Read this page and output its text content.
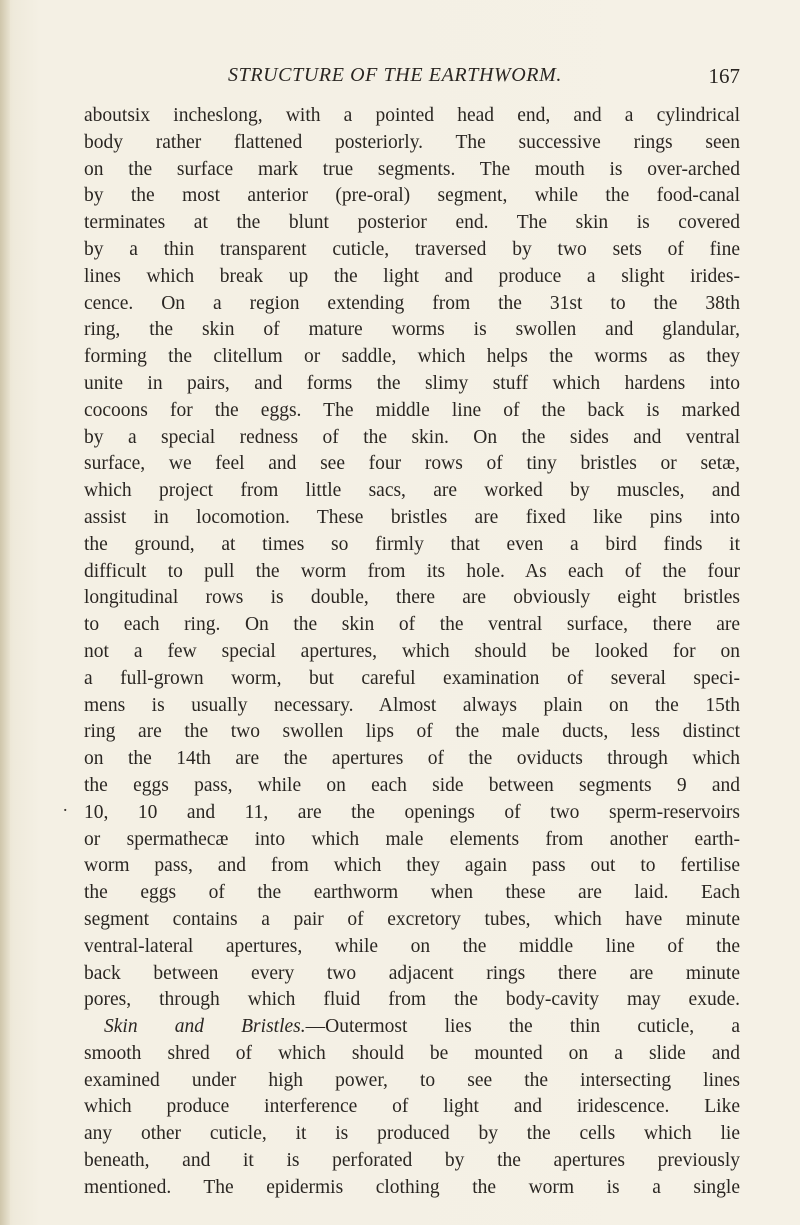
STRUCTURE OF THE EARTHWORM.	167
.
aboutsix incheslong, with a pointed head end, and a cylindrical
body rather flattened posteriorly. The successive rings seen
on the surface mark true segments. The mouth is over-arched
by the most anterior (pre-oral) segment, while the food-canal
terminates at the blunt posterior end. The skin is covered
by a thin transparent cuticle, traversed by two sets of fine
lines which break up the light and produce a slight irides-
cence. On a region extending from the 31st to the 38th
ring, the skin of mature worms is swollen and glandular,
forming the clitellum or saddle, which helps the worms as they
unite in pairs, and forms the slimy stuff which hardens into
cocoons for the eggs. The middle line of the back is marked
by a special redness of the skin. On the sides and ventral
surface, we feel and see four rows of tiny bristles or setæ,
which project from little sacs, are worked by muscles, and
assist in locomotion. These bristles are fixed like pins into
the ground, at times so firmly that even a bird finds it
difficult to pull the worm from its hole. As each of the four
longitudinal rows is double, there are obviously eight bristles
to each ring. On the skin of the ventral surface, there are
not a few special apertures, which should be looked for on
a full-grown worm, but careful examination of several speci-
mens is usually necessary. Almost always plain on the 15th
ring are the two swollen lips of the male ducts, less distinct
on the 14th are the apertures of the oviducts through which
the eggs pass, while on each side between segments 9 and
10, 10 and 11, are the openings of two sperm-reservoirs
or spermathecæ into which male elements from another earth-
worm pass, and from which they again pass out to fertilise
the eggs of the earthworm when these are laid. Each
segment contains a pair of excretory tubes, which have minute
ventral-lateral apertures, while on the middle line of the
back between every two adjacent rings there are minute
pores, through which fluid from the body-cavity may exude.
Skin and Bristles.—Outermost lies the thin cuticle, a
smooth shred of which should be mounted on a slide and
examined under high power, to see the intersecting lines
which produce interference of light and iridescence. Like
any other cuticle, it is produced by the cells which lie
beneath, and it is perforated by the apertures previously
mentioned. The epidermis clothing the worm is a single
